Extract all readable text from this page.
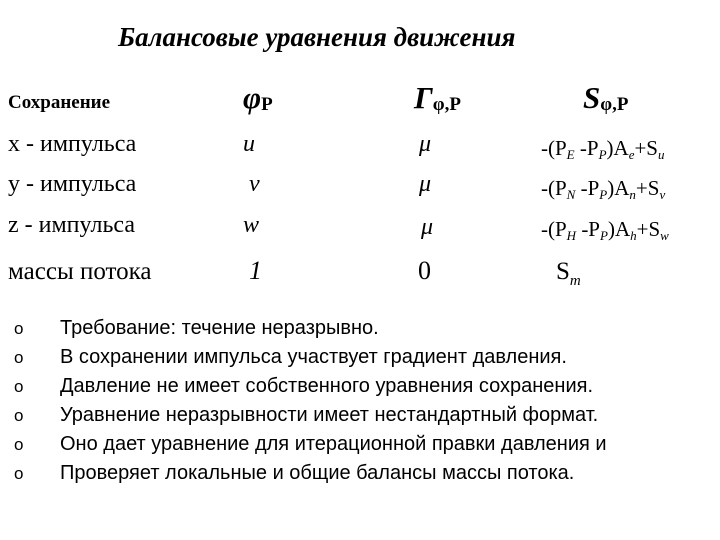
Балансовые уравнения движения
Сохранение	$\varphi_P$	$\Gamma_{\varphi,P}$	$S_{\varphi,P}$
x - импульса	u	μ	$-(P_E$ $-P_P)A_e+S_u$
y - импульса	v	μ	$-(P_N$ $-P_P)A_n+S_v$
z - импульса	w	μ	$-(P_H$ $-P_P)A_h+S_w$
массы потока	1	0	$S_m$
o Требование: течение неразрывно.
o В сохранении импульса участвует градиент давления.
o Давление не имеет собственного уравнения сохранения.
o Уравнение неразрывности имеет нестандартный формат.
o Оно дает уравнение для итерационной правки давления и
o Проверяет локальные и общие балансы массы потока.
